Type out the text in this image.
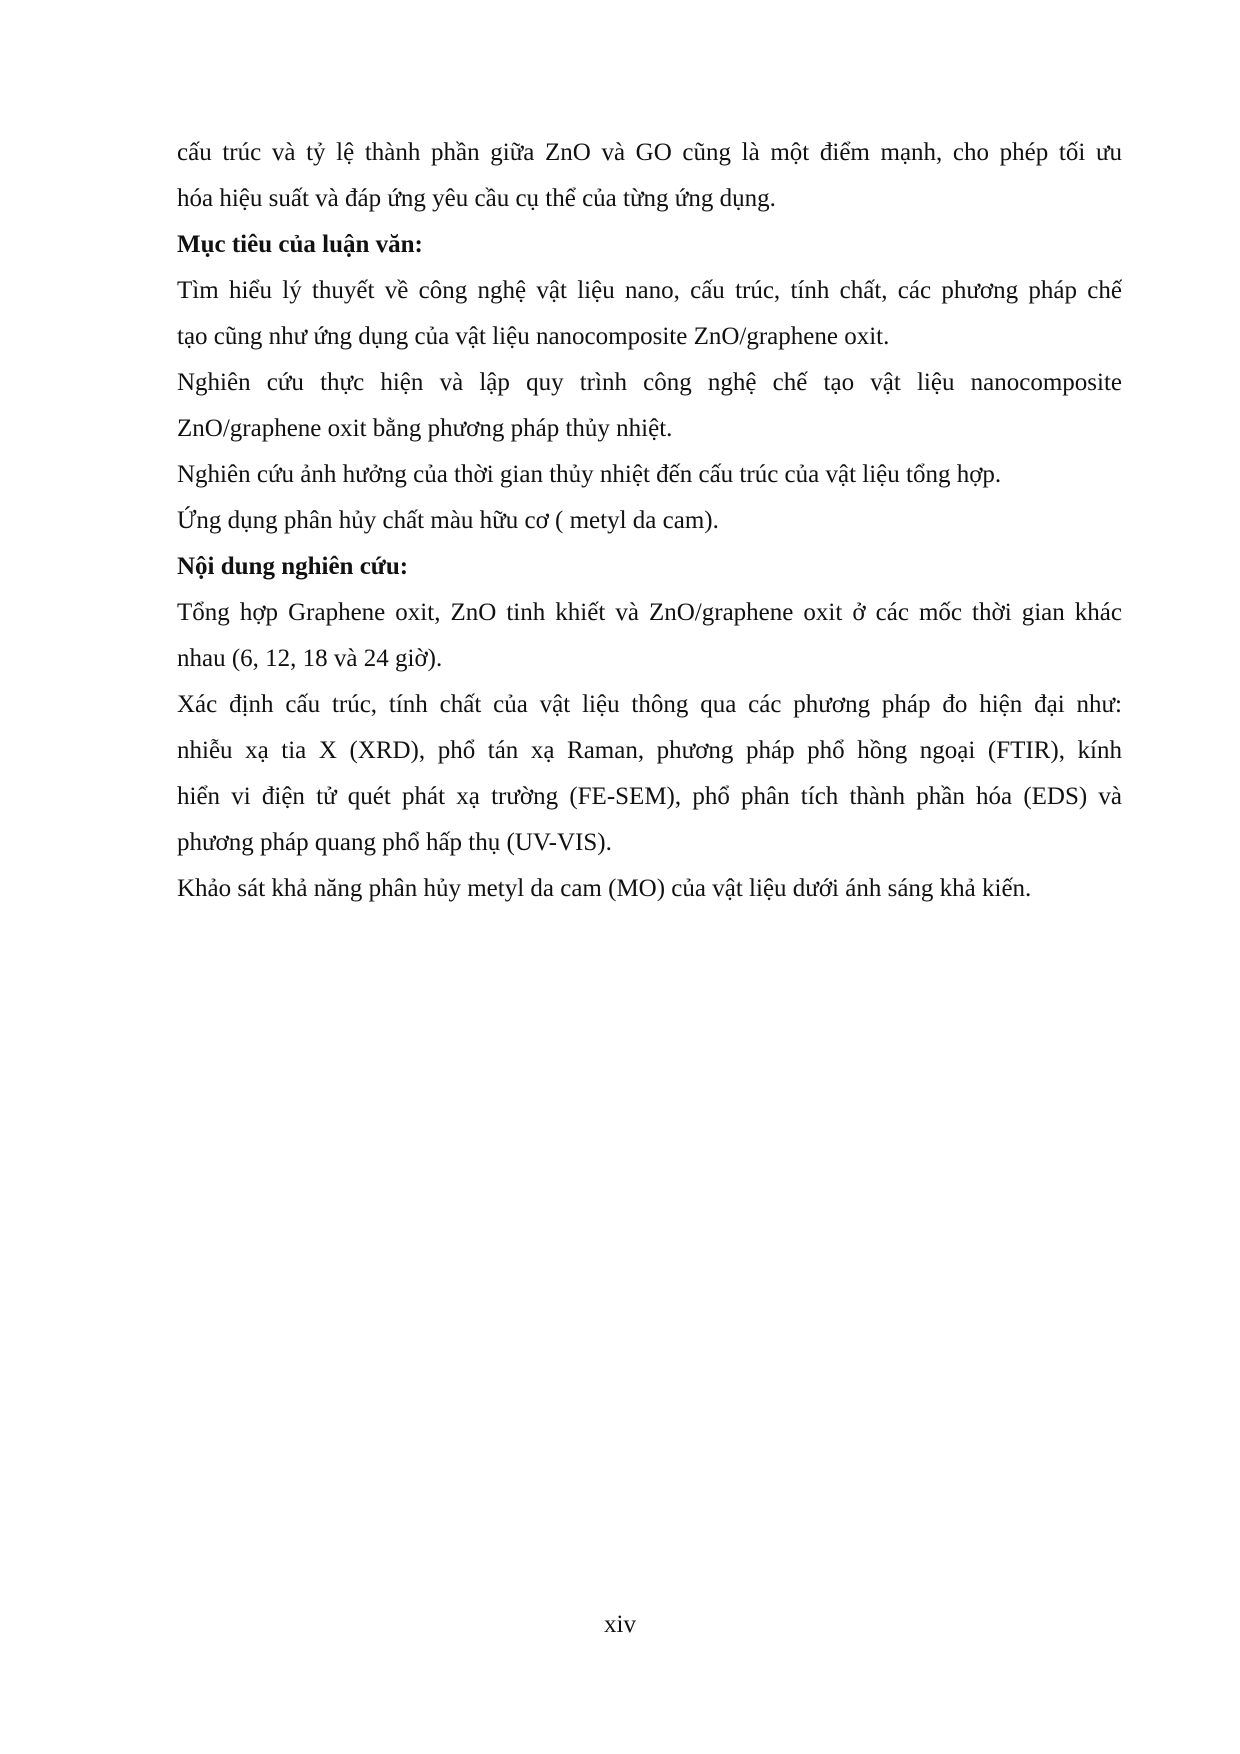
cấu trúc và tỷ lệ thành phần giữa ZnO và GO cũng là một điểm mạnh, cho phép tối ưu

hóa hiệu suất và đáp ứng yêu cầu cụ thể của từng ứng dụng.

Mục tiêu của luận văn:

Tìm hiểu lý thuyết về công nghệ vật liệu nano, cấu trúc, tính chất, các phương pháp chế

tạo cũng như ứng dụng của vật liệu nanocomposite ZnO/graphene oxit.

Nghiên cứu thực hiện và lập quy trình công nghệ chế tạo vật liệu nanocomposite

ZnO/graphene oxit bằng phương pháp thủy nhiệt.

Nghiên cứu ảnh hưởng của thời gian thủy nhiệt đến cấu trúc của vật liệu tổng hợp.

Ứng dụng phân hủy chất màu hữu cơ ( metyl da cam).

Nội dung nghiên cứu:

Tổng hợp Graphene oxit, ZnO tinh khiết và ZnO/graphene oxit ở các mốc thời gian khác

nhau (6, 12, 18 và 24 giờ).

Xác định cấu trúc, tính chất của vật liệu thông qua các phương pháp đo hiện đại như:

nhiễu xạ tia X (XRD), phổ tán xạ Raman, phương pháp phổ hồng ngoại (FTIR), kính

hiển vi điện tử quét phát xạ trường (FE-SEM), phổ phân tích thành phần hóa (EDS) và

phương pháp quang phổ hấp thụ (UV-VIS).

Khảo sát khả năng phân hủy metyl da cam (MO) của vật liệu dưới ánh sáng khả kiến.

xiv
